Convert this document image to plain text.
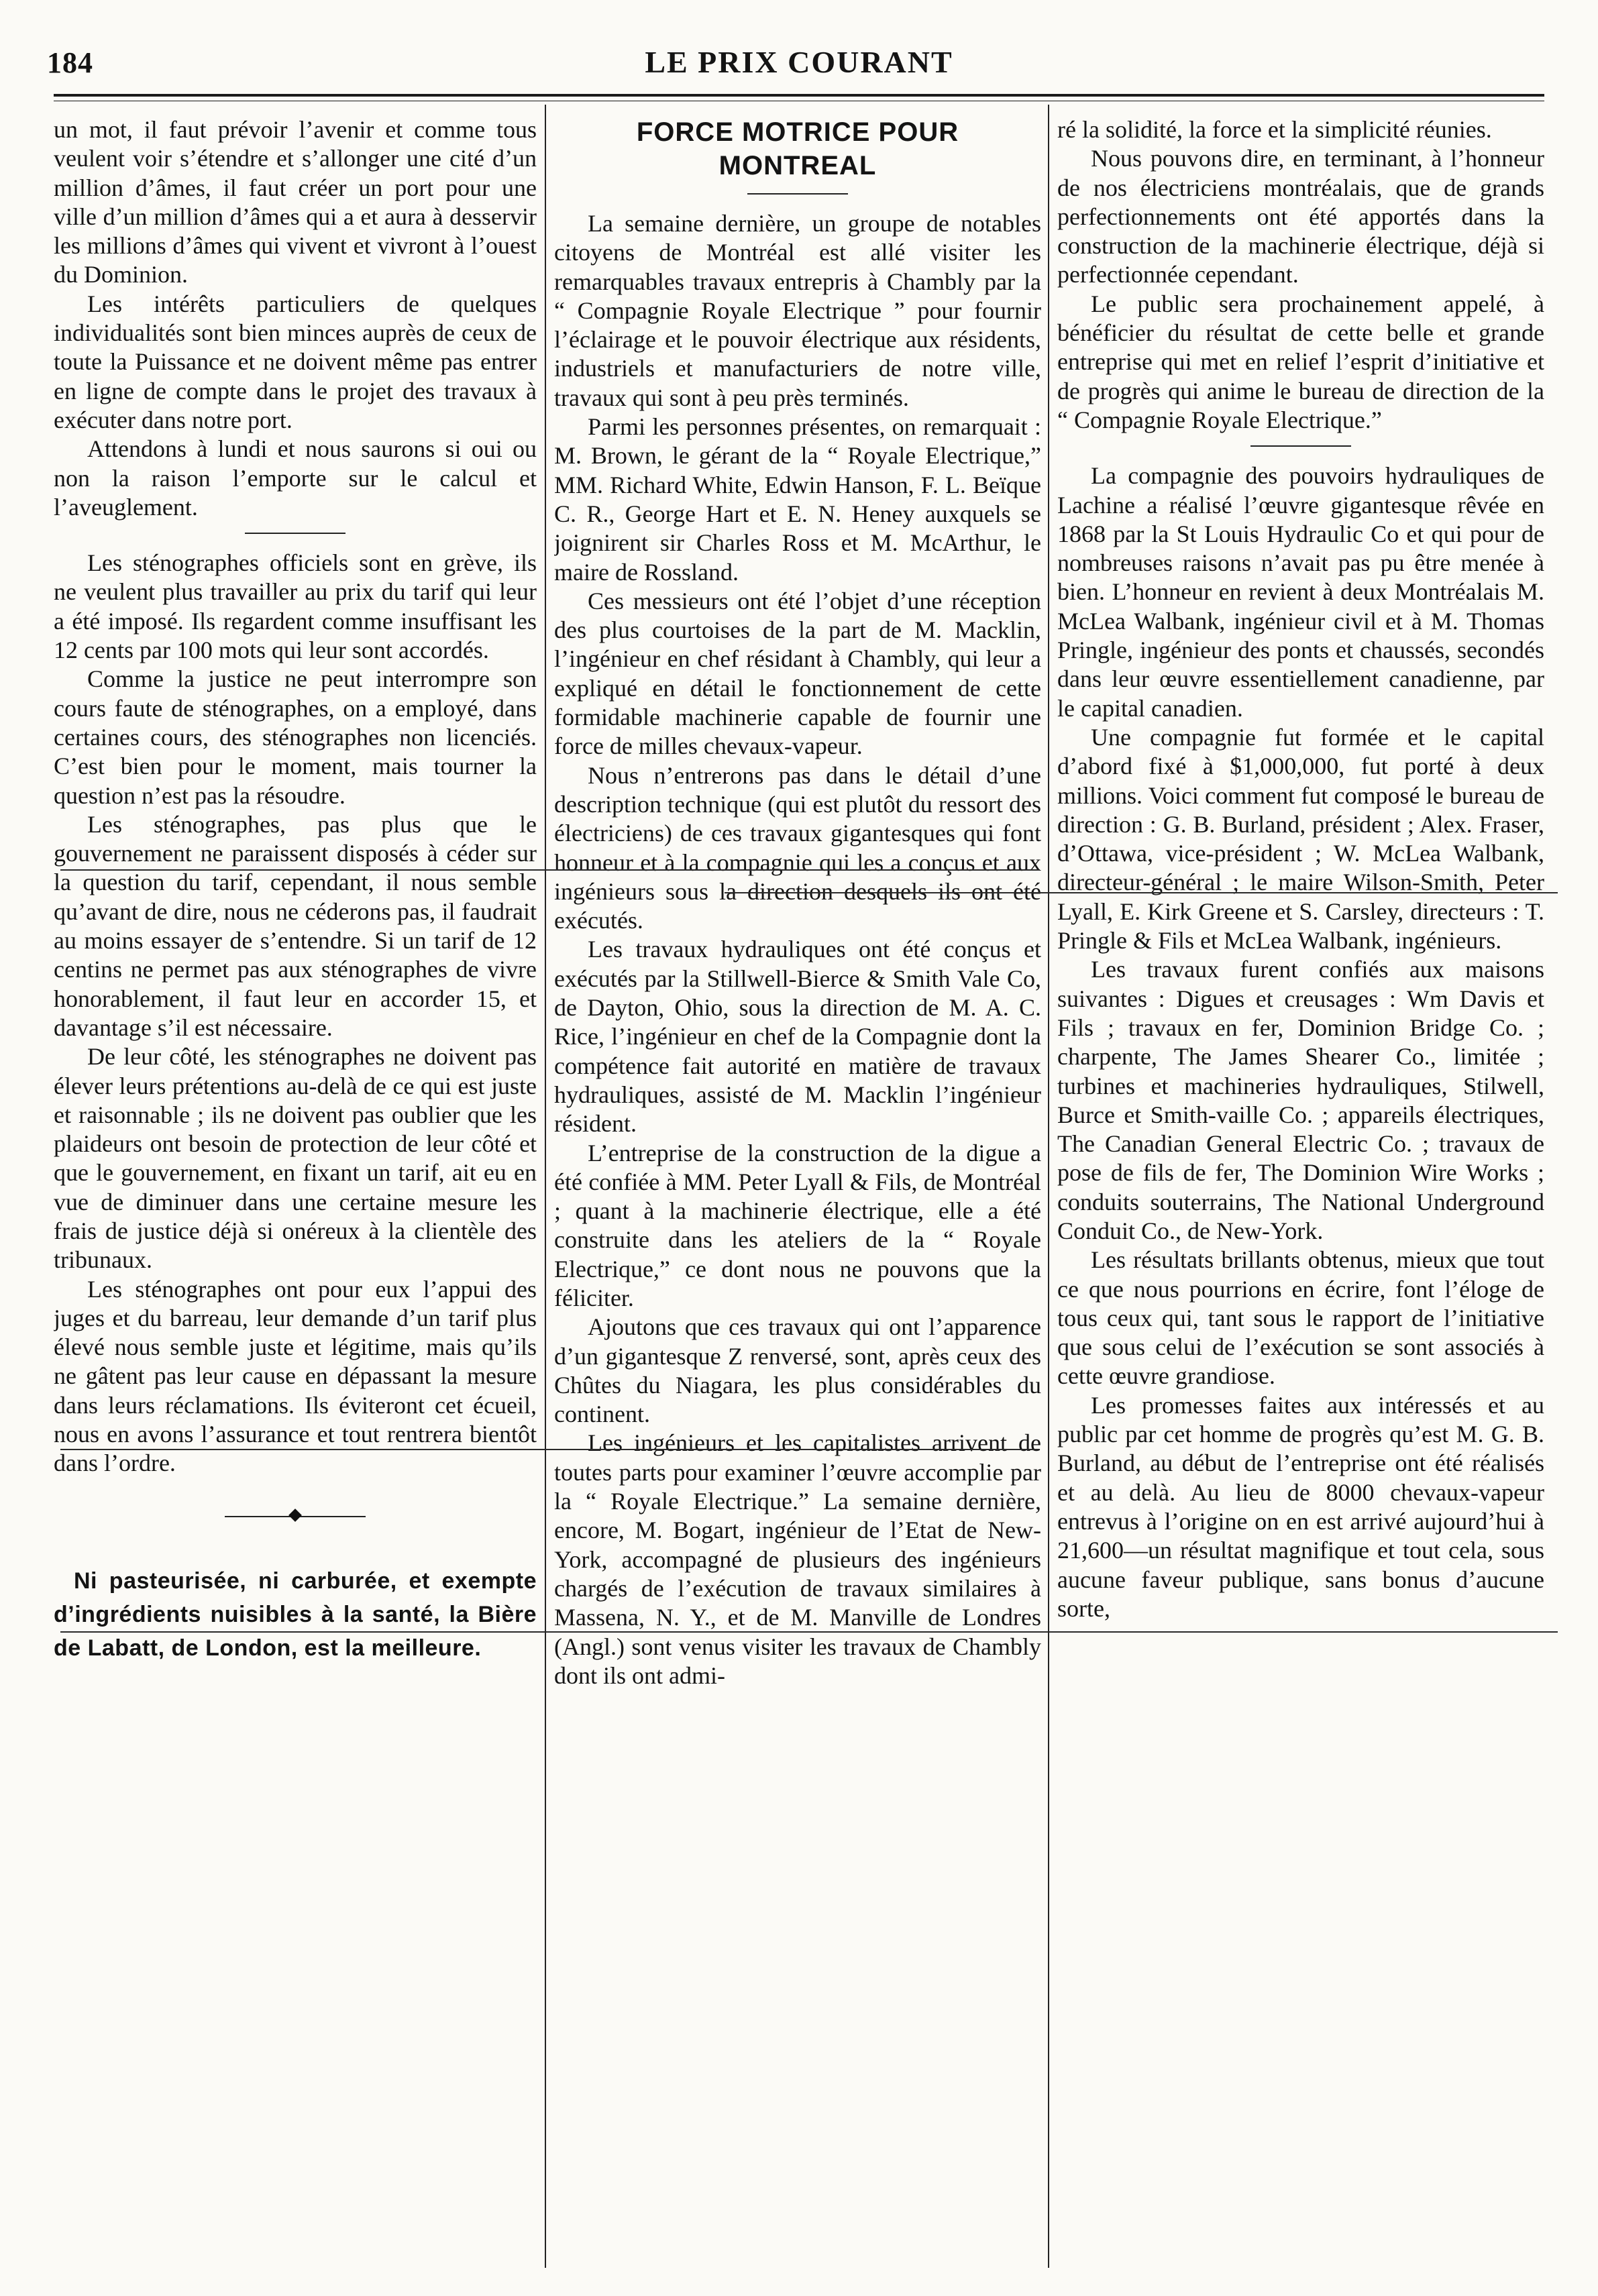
184	LE PRIX COURANT

un mot, il faut prévoir l’avenir et comme tous veulent voir s’étendre et s’allonger une cité d’un million d’âmes, il faut créer un port pour une ville d’un million d’âmes qui a et aura à desservir les millions d’âmes qui vivent et vivront à l’ouest du Dominion.

Les intérêts particuliers de quelques individualités sont bien minces auprès de ceux de toute la Puissance et ne doivent même pas entrer en ligne de compte dans le projet des travaux à exécuter dans notre port.

Attendons à lundi et nous saurons si oui ou non la raison l’emporte sur le calcul et l’aveuglement.

Les sténographes officiels sont en grève, ils ne veulent plus travailler au prix du tarif qui leur a été imposé. Ils regardent comme insuffisant les 12 cents par 100 mots qui leur sont accordés.

Comme la justice ne peut interrompre son cours faute de sténographes, on a employé, dans certaines cours, des sténographes non licenciés. C’est bien pour le moment, mais tourner la question n’est pas la résoudre.

Les sténographes, pas plus que le gouvernement ne paraissent disposés à céder sur la question du tarif, cependant, il nous semble qu’avant de dire, nous ne céderons pas, il faudrait au moins essayer de s’entendre. Si un tarif de 12 centins ne permet pas aux sténographes de vivre honorablement, il faut leur en accorder 15, et davantage s’il est nécessaire.

De leur côté, les sténographes ne doivent pas élever leurs prétentions au-delà de ce qui est juste et raisonnable ; ils ne doivent pas oublier que les plaideurs ont besoin de protection de leur côté et que le gouvernement, en fixant un tarif, ait eu en vue de diminuer dans une certaine mesure les frais de justice déjà si onéreux à la clientèle des tribunaux.

Les sténographes ont pour eux l’appui des juges et du barreau, leur demande d’un tarif plus élevé nous semble juste et légitime, mais qu’ils ne gâtent pas leur cause en dépassant la mesure dans leurs réclamations. Ils éviteront cet écueil, nous en avons l’assurance et tout rentrera bientôt dans l’ordre.

Ni pasteurisée, ni carburée, et exempte d’ingrédients nuisibles à la santé, la Bière de Labatt, de London, est la meilleure.

FORCE MOTRICE POUR MONTREAL

La semaine dernière, un groupe de notables citoyens de Montréal est allé visiter les remarquables travaux entrepris à Chambly par la “ Compagnie Royale Electrique ” pour fournir l’éclairage et le pouvoir électrique aux résidents, industriels et manufacturiers de notre ville, travaux qui sont à peu près terminés.

Parmi les personnes présentes, on remarquait : M. Brown, le gérant de la “ Royale Electrique,” MM. Richard White, Edwin Hanson, F. L. Beïque C. R., George Hart et E. N. Heney auxquels se joignirent sir Charles Ross et M. McArthur, le maire de Rossland.

Ces messieurs ont été l’objet d’une réception des plus courtoises de la part de M. Macklin, l’ingénieur en chef résidant à Chambly, qui leur a expliqué en détail le fonctionnement de cette formidable machinerie capable de fournir une force de milles chevaux-vapeur.

Nous n’entrerons pas dans le détail d’une description technique (qui est plutôt du ressort des électriciens) de ces travaux gigantesques qui font honneur et à la compagnie qui les a conçus et aux ingénieurs sous la direction desquels ils ont été exécutés.

Les travaux hydrauliques ont été conçus et exécutés par la Stillwell-Bierce & Smith Vale Co, de Dayton, Ohio, sous la direction de M. A. C. Rice, l’ingénieur en chef de la Compagnie dont la compétence fait autorité en matière de travaux hydrauliques, assisté de M. Macklin l’ingénieur résident.

L’entreprise de la construction de la digue a été confiée à MM. Peter Lyall & Fils, de Montréal ; quant à la machinerie électrique, elle a été construite dans les ateliers de la “ Royale Electrique,” ce dont nous ne pouvons que la féliciter.

Ajoutons que ces travaux qui ont l’apparence d’un gigantesque Z renversé, sont, après ceux des Chûtes du Niagara, les plus considérables du continent.

Les ingénieurs et les capitalistes arrivent de toutes parts pour examiner l’œuvre accomplie par la “ Royale Electrique.” La semaine dernière, encore, M. Bogart, ingénieur de l’Etat de New-York, accompagné de plusieurs des ingénieurs chargés de l’exécution de travaux similaires à Massena, N. Y., et de M. Manville de Londres (Angl.) sont venus visiter les travaux de Chambly dont ils ont admi-

ré la solidité, la force et la simplicité réunies.

Nous pouvons dire, en terminant, à l’honneur de nos électriciens montréalais, que de grands perfectionnements ont été apportés dans la construction de la machinerie électrique, déjà si perfectionnée cependant.

Le public sera prochainement appelé, à bénéficier du résultat de cette belle et grande entreprise qui met en relief l’esprit d’initiative et de progrès qui anime le bureau de direction de la “ Compagnie Royale Electrique.”

La compagnie des pouvoirs hydrauliques de Lachine a réalisé l’œuvre gigantesque rêvée en 1868 par la St Louis Hydraulic Co et qui pour de nombreuses raisons n’avait pas pu être menée à bien. L’honneur en revient à deux Montréalais M. McLea Walbank, ingénieur civil et à M. Thomas Pringle, ingénieur des ponts et chaussés, secondés dans leur œuvre essentiellement canadienne, par le capital canadien.

Une compagnie fut formée et le capital d’abord fixé à $1,000,000, fut porté à deux millions. Voici comment fut composé le bureau de direction : G. B. Burland, président ; Alex. Fraser, d’Ottawa, vice-président ; W. McLea Walbank, directeur-général ; le maire Wilson-Smith, Peter Lyall, E. Kirk Greene et S. Carsley, directeurs : T. Pringle & Fils et McLea Walbank, ingénieurs.

Les travaux furent confiés aux maisons suivantes : Digues et creusages : Wm Davis et Fils ; travaux en fer, Dominion Bridge Co. ; charpente, The James Shearer Co., limitée ; turbines et machineries hydrauliques, Stilwell, Burce et Smith-vaille Co. ; appareils électriques, The Canadian General Electric Co. ; travaux de pose de fils de fer, The Dominion Wire Works ; conduits souterrains, The National Underground Conduit Co., de New-York.

Les résultats brillants obtenus, mieux que tout ce que nous pourrions en écrire, font l’éloge de tous ceux qui, tant sous le rapport de l’initiative que sous celui de l’exécution se sont associés à cette œuvre grandiose.

Les promesses faites aux intéressés et au public par cet homme de progrès qu’est M. G. B. Burland, au début de l’entreprise ont été réalisés et au delà. Au lieu de 8000 chevaux-vapeur entrevus à l’origine on en est arrivé aujourd’hui à 21,600—un résultat magnifique et tout cela, sous aucune faveur publique, sans bonus d’aucune sorte,
